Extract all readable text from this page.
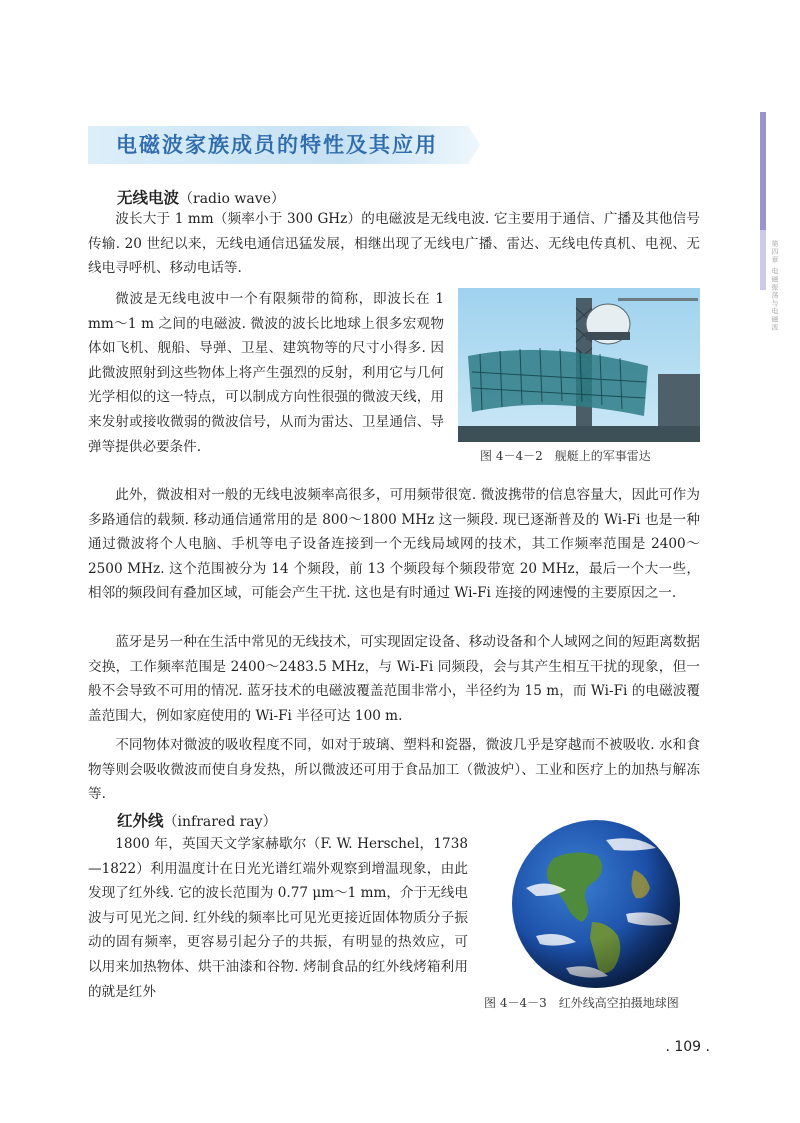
第四章 电磁振荡与电磁波
电磁波家族成员的特性及其应用
无线电波（radio wave）

波长大于 1 mm（频率小于 300 GHz）的电磁波是无线电波. 它主要用于通信、广播及其他信号传输. 20 世纪以来，无线电通信迅猛发展，相继出现了无线电广播、雷达、无线电传真机、电视、无线电寻呼机、移动电话等.

微波是无线电波中一个有限频带的简称，即波长在 1 mm～1 m 之间的电磁波. 微波的波长比地球上很多宏观物体如飞机、舰船、导弹、卫星、建筑物等的尺寸小得多. 因此微波照射到这些物体上将产生强烈的反射，利用它与几何光学相似的这一特点，可以制成方向性很强的微波天线，用来发射或接收微弱的微波信号，从而为雷达、卫星通信、导弹等提供必要条件.

图 4－4－2　舰艇上的军事雷达

此外，微波相对一般的无线电波频率高很多，可用频带很宽. 微波携带的信息容量大，因此可作为多路通信的载频. 移动通信通常用的是 800～1800 MHz 这一频段. 现已逐渐普及的 Wi-Fi 也是一种通过微波将个人电脑、手机等电子设备连接到一个无线局域网的技术，其工作频率范围是 2400～2500 MHz. 这个范围被分为 14 个频段，前 13 个频段每个频段带宽 20 MHz，最后一个大一些，相邻的频段间有叠加区域，可能会产生干扰. 这也是有时通过 Wi-Fi 连接的网速慢的主要原因之一.

蓝牙是另一种在生活中常见的无线技术，可实现固定设备、移动设备和个人域网之间的短距离数据交换，工作频率范围是 2400～2483.5 MHz，与 Wi-Fi 同频段，会与其产生相互干扰的现象，但一般不会导致不可用的情况. 蓝牙技术的电磁波覆盖范围非常小，半径约为 15 m，而 Wi-Fi 的电磁波覆盖范围大，例如家庭使用的 Wi-Fi 半径可达 100 m.

不同物体对微波的吸收程度不同，如对于玻璃、塑料和瓷器，微波几乎是穿越而不被吸收. 水和食物等则会吸收微波而使自身发热，所以微波还可用于食品加工（微波炉）、工业和医疗上的加热与解冻等.

红外线（infrared ray）

1800 年，英国天文学家赫歇尔（F. W. Herschel，1738—1822）利用温度计在日光光谱红端外观察到增温现象，由此发现了红外线. 它的波长范围为 0.77 μm～1 mm，介于无线电波与可见光之间. 红外线的频率比可见光更接近固体物质分子振动的固有频率，更容易引起分子的共振，有明显的热效应，可以用来加热物体、烘干油漆和谷物. 烤制食品的红外线烤箱利用的就是红外

图 4－4－3　红外线高空拍摄地球图
. 109 .
